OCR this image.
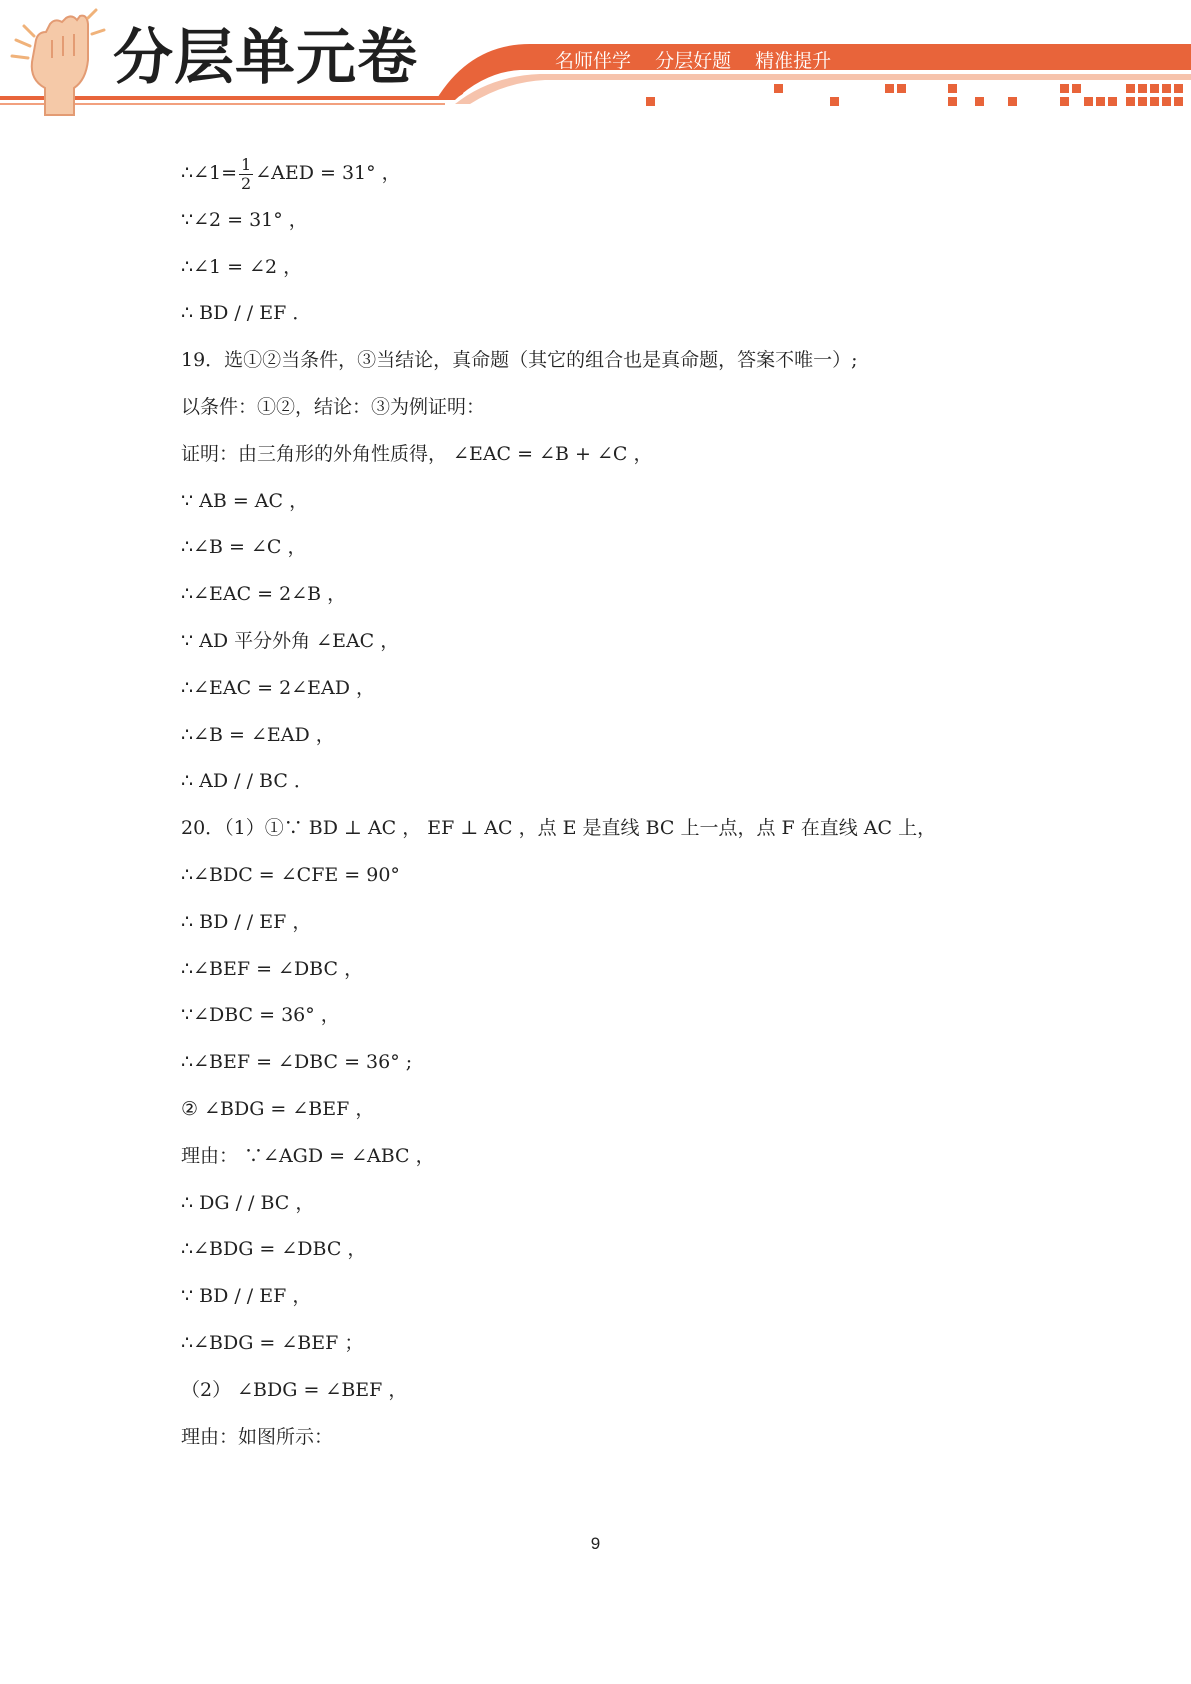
分层单元卷	名师伴学 分层好题 精准提升
∴∠1= $\frac{1}{2}$ ∠AED = 31° ，
∵∠2 = 31° ，
∴∠1 = ∠2 ，
∴ BD / / EF ．
19．选①②当条件，③当结论，真命题（其它的组合也是真命题，答案不唯一）;
以条件：①②，结论：③为例证明：
证明：由三角形的外角性质得， ∠EAC = ∠B + ∠C ，
∵ AB = AC ，
∴∠B = ∠C ，
∴∠EAC = 2∠B ，
∵ AD 平分外角 ∠EAC ，
∴∠EAC = 2∠EAD ，
∴∠B = ∠EAD ，
∴ AD / / BC ．
20．（1）①∵ BD ⊥ AC ， EF ⊥ AC ，点 E 是直线 BC 上一点，点 F 在直线 AC 上，
∴∠BDC = ∠CFE = 90°
∴ BD / / EF ，
∴∠BEF = ∠DBC ，
∵∠DBC = 36° ，
∴∠BEF = ∠DBC = 36° ;
② ∠BDG = ∠BEF ，
理由： ∵∠AGD = ∠ABC ，
∴ DG / / BC ，
∴∠BDG = ∠DBC ，
∵ BD / / EF ，
∴∠BDG = ∠BEF ；
（2） ∠BDG = ∠BEF ，
理由：如图所示：
9
